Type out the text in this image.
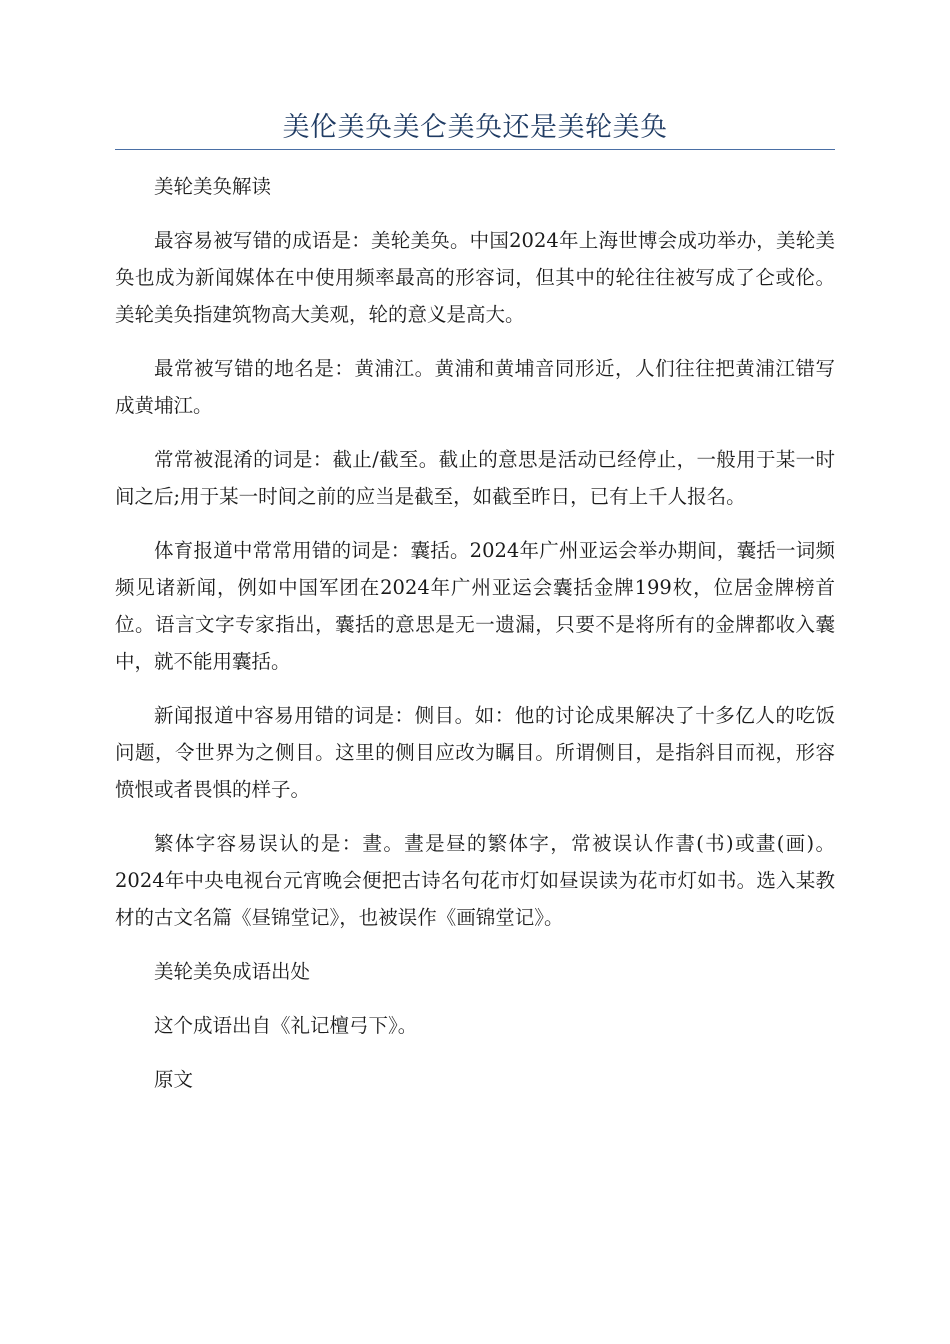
美伦美奂美仑美奂还是美轮美奂

美轮美奂解读

最容易被写错的成语是：美轮美奂。中国2024年上海世博会成功举办，美轮美奂也成为新闻媒体在中使用频率最高的形容词，但其中的轮往往被写成了仑或伦。美轮美奂指建筑物高大美观，轮的意义是高大。

最常被写错的地名是：黄浦江。黄浦和黄埔音同形近，人们往往把黄浦江错写成黄埔江。

常常被混淆的词是：截止/截至。截止的意思是活动已经停止，一般用于某一时间之后;用于某一时间之前的应当是截至，如截至昨日，已有上千人报名。

体育报道中常常用错的词是：囊括。2024年广州亚运会举办期间，囊括一词频频见诸新闻，例如中国军团在2024年广州亚运会囊括金牌199枚，位居金牌榜首位。语言文字专家指出，囊括的意思是无一遗漏，只要不是将所有的金牌都收入囊中，就不能用囊括。

新闻报道中容易用错的词是：侧目。如：他的讨论成果解决了十多亿人的吃饭问题，令世界为之侧目。这里的侧目应改为瞩目。所谓侧目，是指斜目而视，形容愤恨或者畏惧的样子。

繁体字容易误认的是：晝。晝是昼的繁体字，常被误认作書(书)或畫(画)。2024年中央电视台元宵晚会便把古诗名句花市灯如昼误读为花市灯如书。选入某教材的古文名篇《昼锦堂记》，也被误作《画锦堂记》。

美轮美奂成语出处

这个成语出自《礼记檀弓下》。

原文
